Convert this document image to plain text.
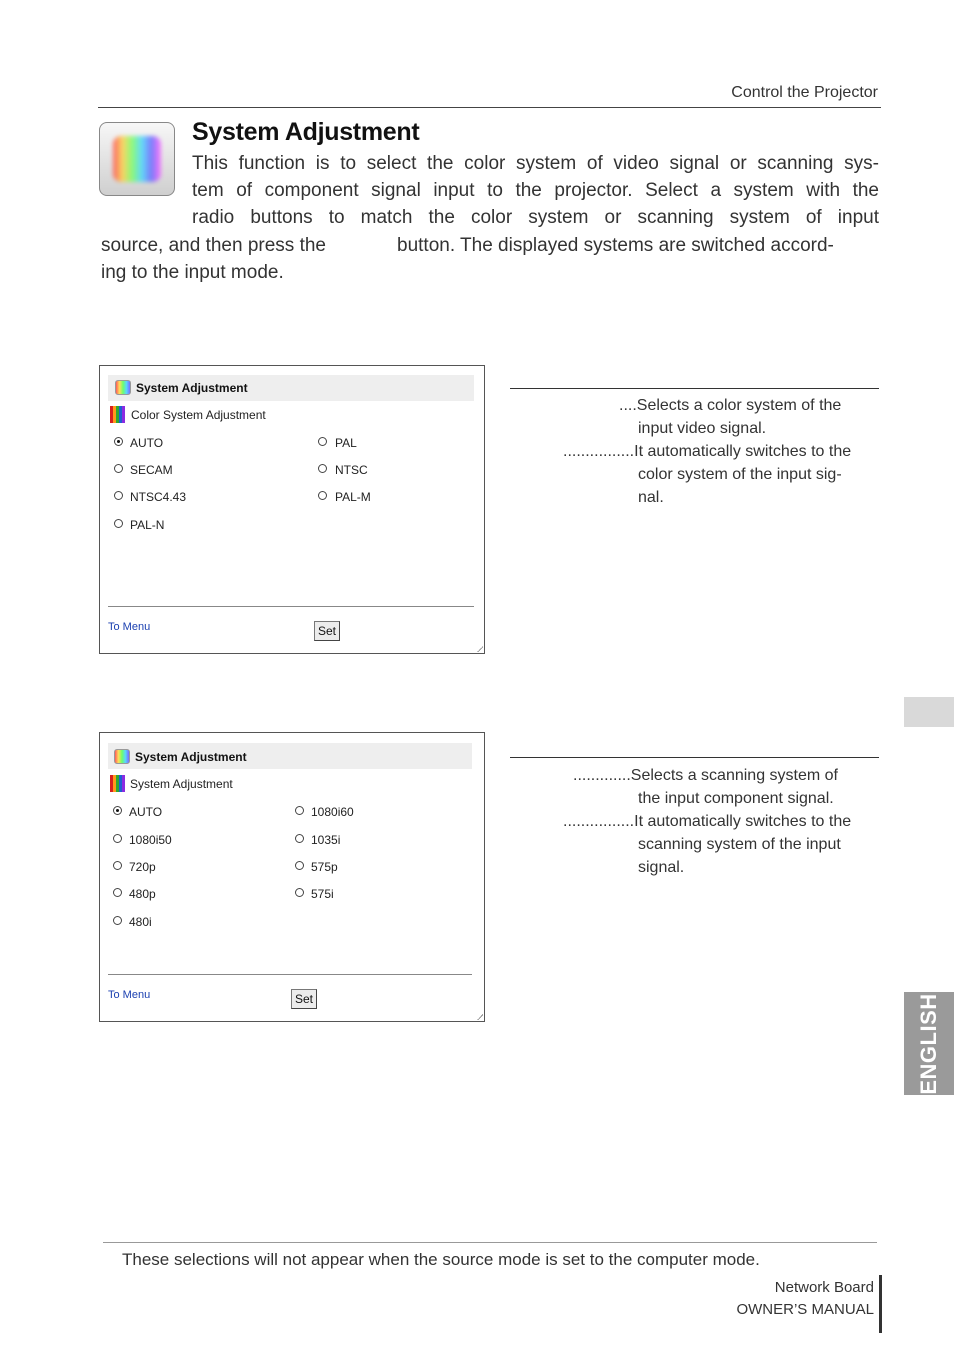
Control the Projector
System Adjustment
This function is to select the color system of video signal or scanning sys-
tem of component signal input to the projector. Select a system with the
radio buttons to match the color system or scanning system of input
source, and then press the	button. The displayed systems are switched accord-
ing to the input mode.
System Adjustment
Color System Adjustment
AUTO	PAL
SECAM	NTSC
NTSC4.43	PAL-M
PAL-N
To Menu	Set
....Selects a color system of the
input video signal.
................It automatically switches to the
color system of the input sig-
nal.
System Adjustment
System Adjustment
AUTO	1080i60
1080i50	1035i
720p	575p
480p	575i
480i
To Menu	Set
.............Selects a scanning system of
the input component signal.
................It automatically switches to the
scanning system of the input
signal.
ENGLISH
These selections will not appear when the source mode is set to the computer mode.
Network Board
OWNER’S MANUAL
